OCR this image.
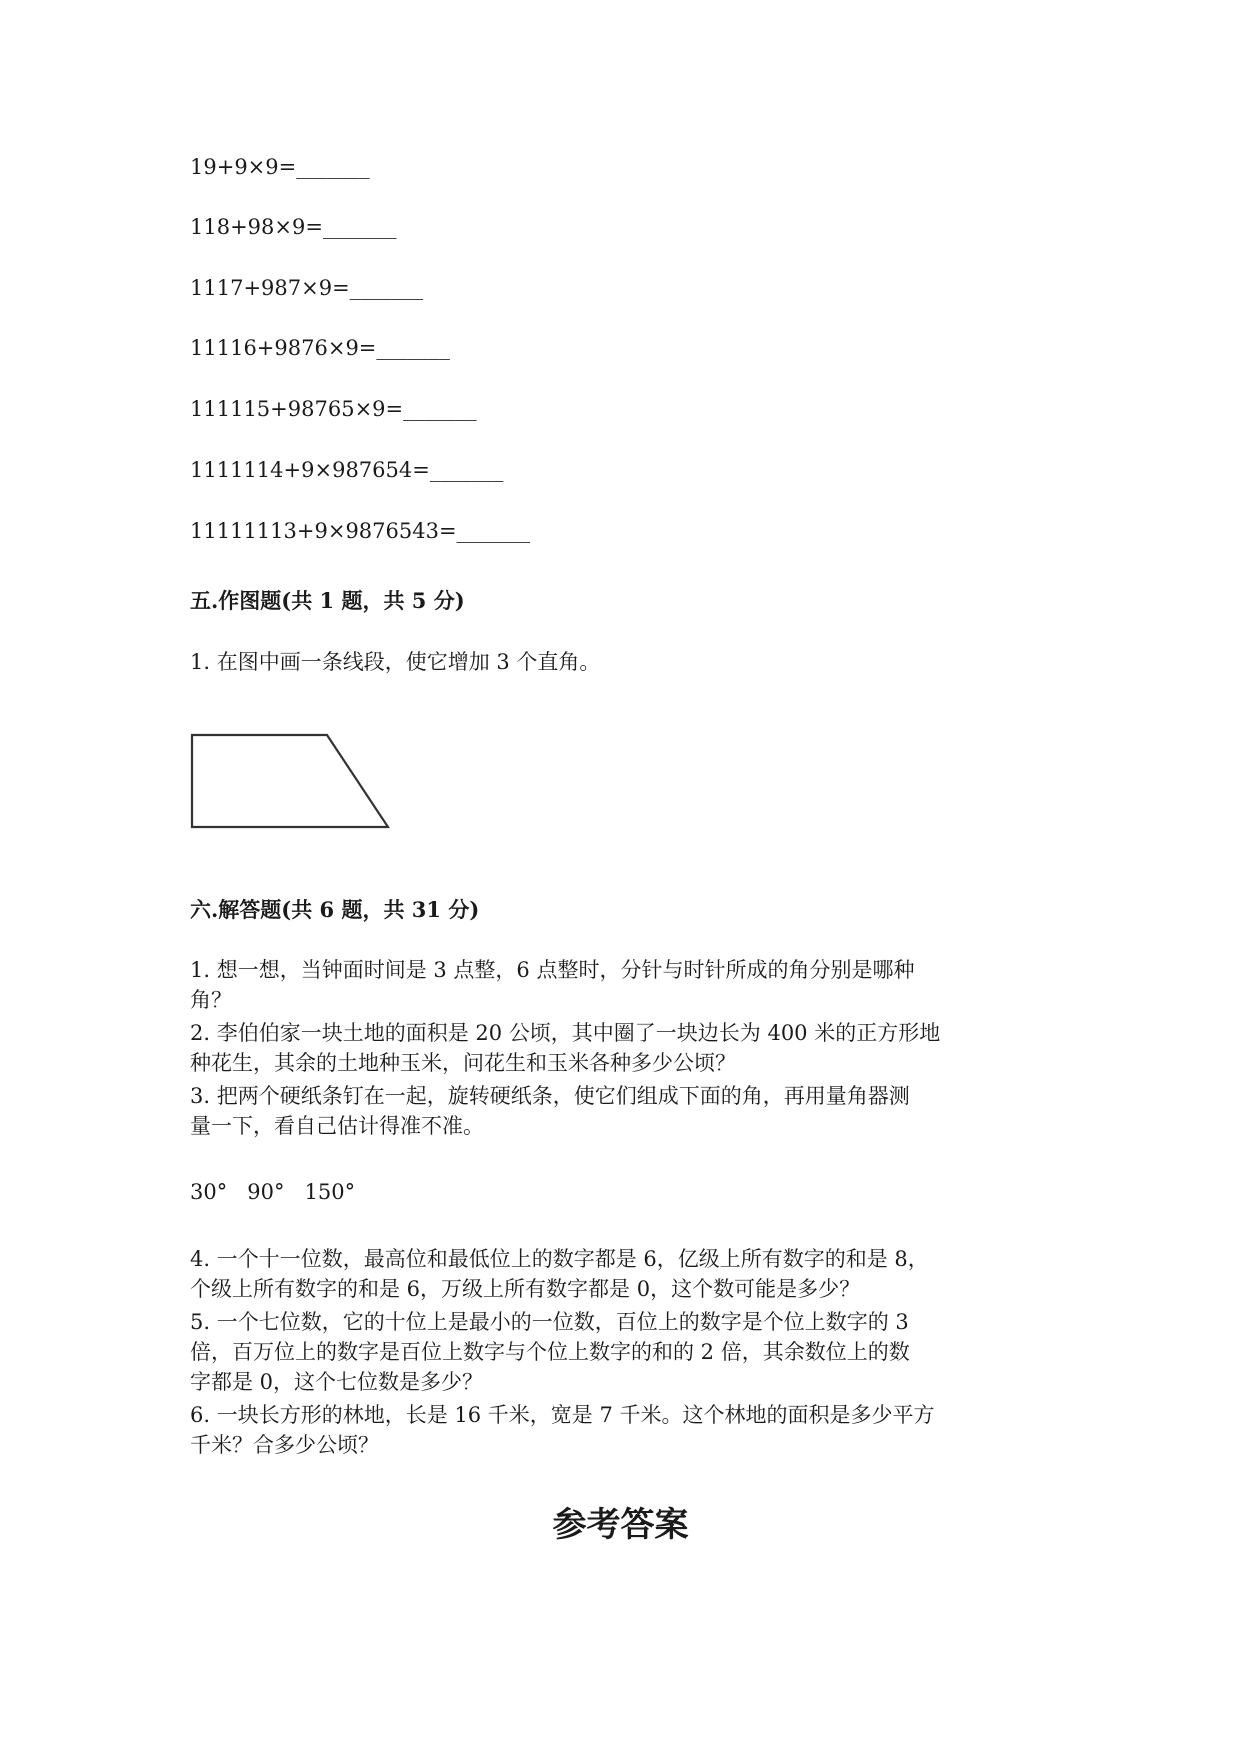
19+9×9=_______
118+98×9=_______
1117+987×9=_______
11116+9876×9=_______
111115+98765×9=_______
1111114+9×987654=_______
11111113+9×9876543=_______
五.作图题(共 1 题，共 5 分)
1. 在图中画一条线段，使它增加 3 个直角。
六.解答题(共 6 题，共 31 分)
1. 想一想，当钟面时间是 3 点整，6 点整时，分针与时针所成的角分别是哪种
角？
2. 李伯伯家一块土地的面积是 20 公顷，其中圈了一块边长为 400 米的正方形地
种花生，其余的土地种玉米，问花生和玉米各种多少公顷？
3. 把两个硬纸条钉在一起，旋转硬纸条，使它们组成下面的角，再用量角器测
量一下，看自己估计得准不准。
30°   90°   150°
4. 一个十一位数，最高位和最低位上的数字都是 6，亿级上所有数字的和是 8，
个级上所有数字的和是 6，万级上所有数字都是 0，这个数可能是多少？
5. 一个七位数，它的十位上是最小的一位数，百位上的数字是个位上数字的 3
倍，百万位上的数字是百位上数字与个位上数字的和的 2 倍，其余数位上的数
字都是 0，这个七位数是多少？
6. 一块长方形的林地，长是 16 千米，宽是 7 千米。这个林地的面积是多少平方
千米？合多少公顷？
参考答案
